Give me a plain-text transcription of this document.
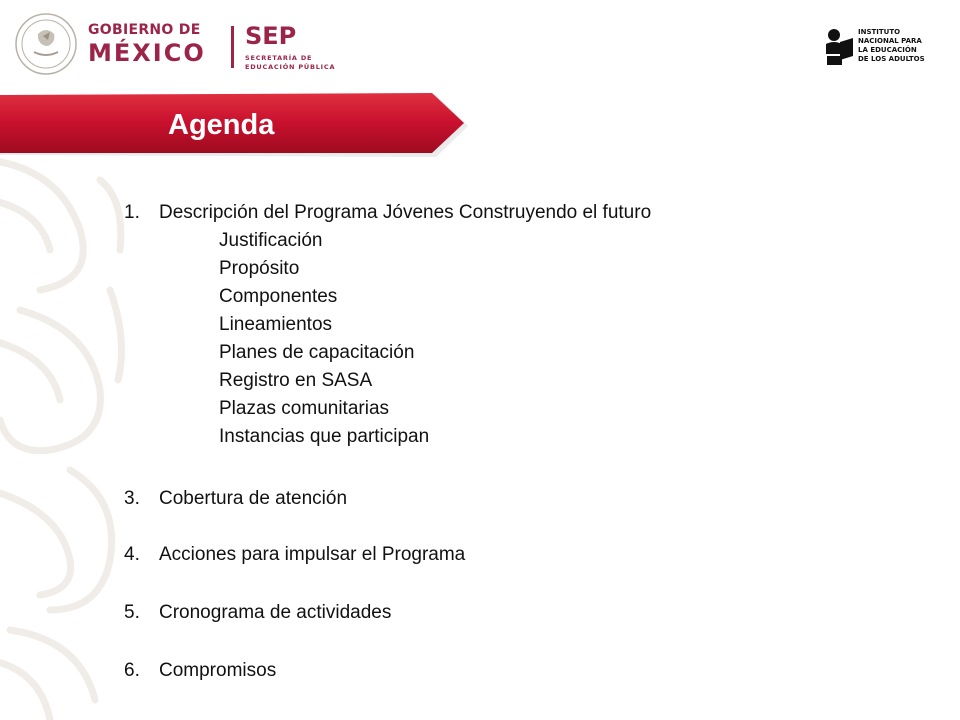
GOBIERNO DE
MÉXICO
SEP
SECRETARÍA DE
EDUCACIÓN PÚBLICA
INSTITUTO
NACIONAL PARA
LA EDUCACIÓN
DE LOS ADULTOS
Agenda
1. Descripción del Programa Jóvenes Construyendo el futuro
Justificación
Propósito
Componentes
Lineamientos
Planes de capacitación
Registro en SASA
Plazas comunitarias
Instancias que participan
3. Cobertura de atención
4. Acciones para impulsar el Programa
5. Cronograma de actividades
6. Compromisos
